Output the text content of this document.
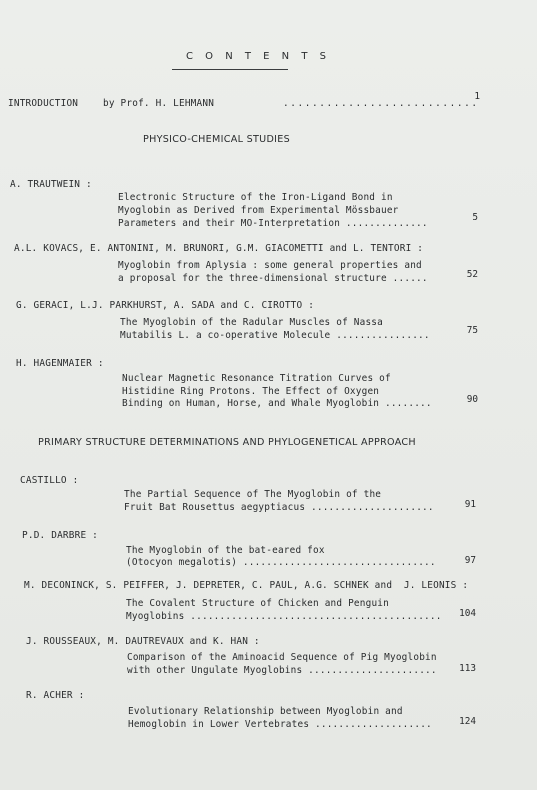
C O N T E N T S
INTRODUCTION	by Prof. H. LEHMANN	...........................
1
PHYSICO-CHEMICAL STUDIES
A. TRAUTWEIN :
Electronic Structure of the Iron-Ligand Bond in
Myoglobin as Derived from Experimental Mössbauer
Parameters and their MO-Interpretation ..............
5
A.L. KOVACS, E. ANTONINI, M. BRUNORI, G.M. GIACOMETTI and L. TENTORI :
Myoglobin from Aplysia : some general properties and
a proposal for the three-dimensional structure ......	52
G. GERACI, L.J. PARKHURST, A. SADA and C. CIROTTO :
The Myoglobin of the Radular Muscles of Nassa
Mutabilis L. a co-operative Molecule ................	75
H. HAGENMAIER :
Nuclear Magnetic Resonance Titration Curves of
Histidine Ring Protons. The Effect of Oxygen
Binding on Human, Horse, and Whale Myoglobin ........	90
PRIMARY STRUCTURE DETERMINATIONS AND PHYLOGENETICAL APPROACH
CASTILLO :
The Partial Sequence of The Myoglobin of the
Fruit Bat Rousettus aegyptiacus .....................	91
P.D. DARBRE :
The Myoglobin of the bat-eared fox
(Otocyon megalotis) .................................	97
M. DECONINCK, S. PEIFFER, J. DEPRETER, C. PAUL, A.G. SCHNEK and  J. LEONIS :
The Covalent Structure of Chicken and Penguin
Myoglobins ...........................................	104
J. ROUSSEAUX, M. DAUTREVAUX and K. HAN :
Comparison of the Aminoacid Sequence of Pig Myoglobin
with other Ungulate Myoglobins ......................	113
R. ACHER :
Evolutionary Relationship between Myoglobin and
Hemoglobin in Lower Vertebrates ....................	124
